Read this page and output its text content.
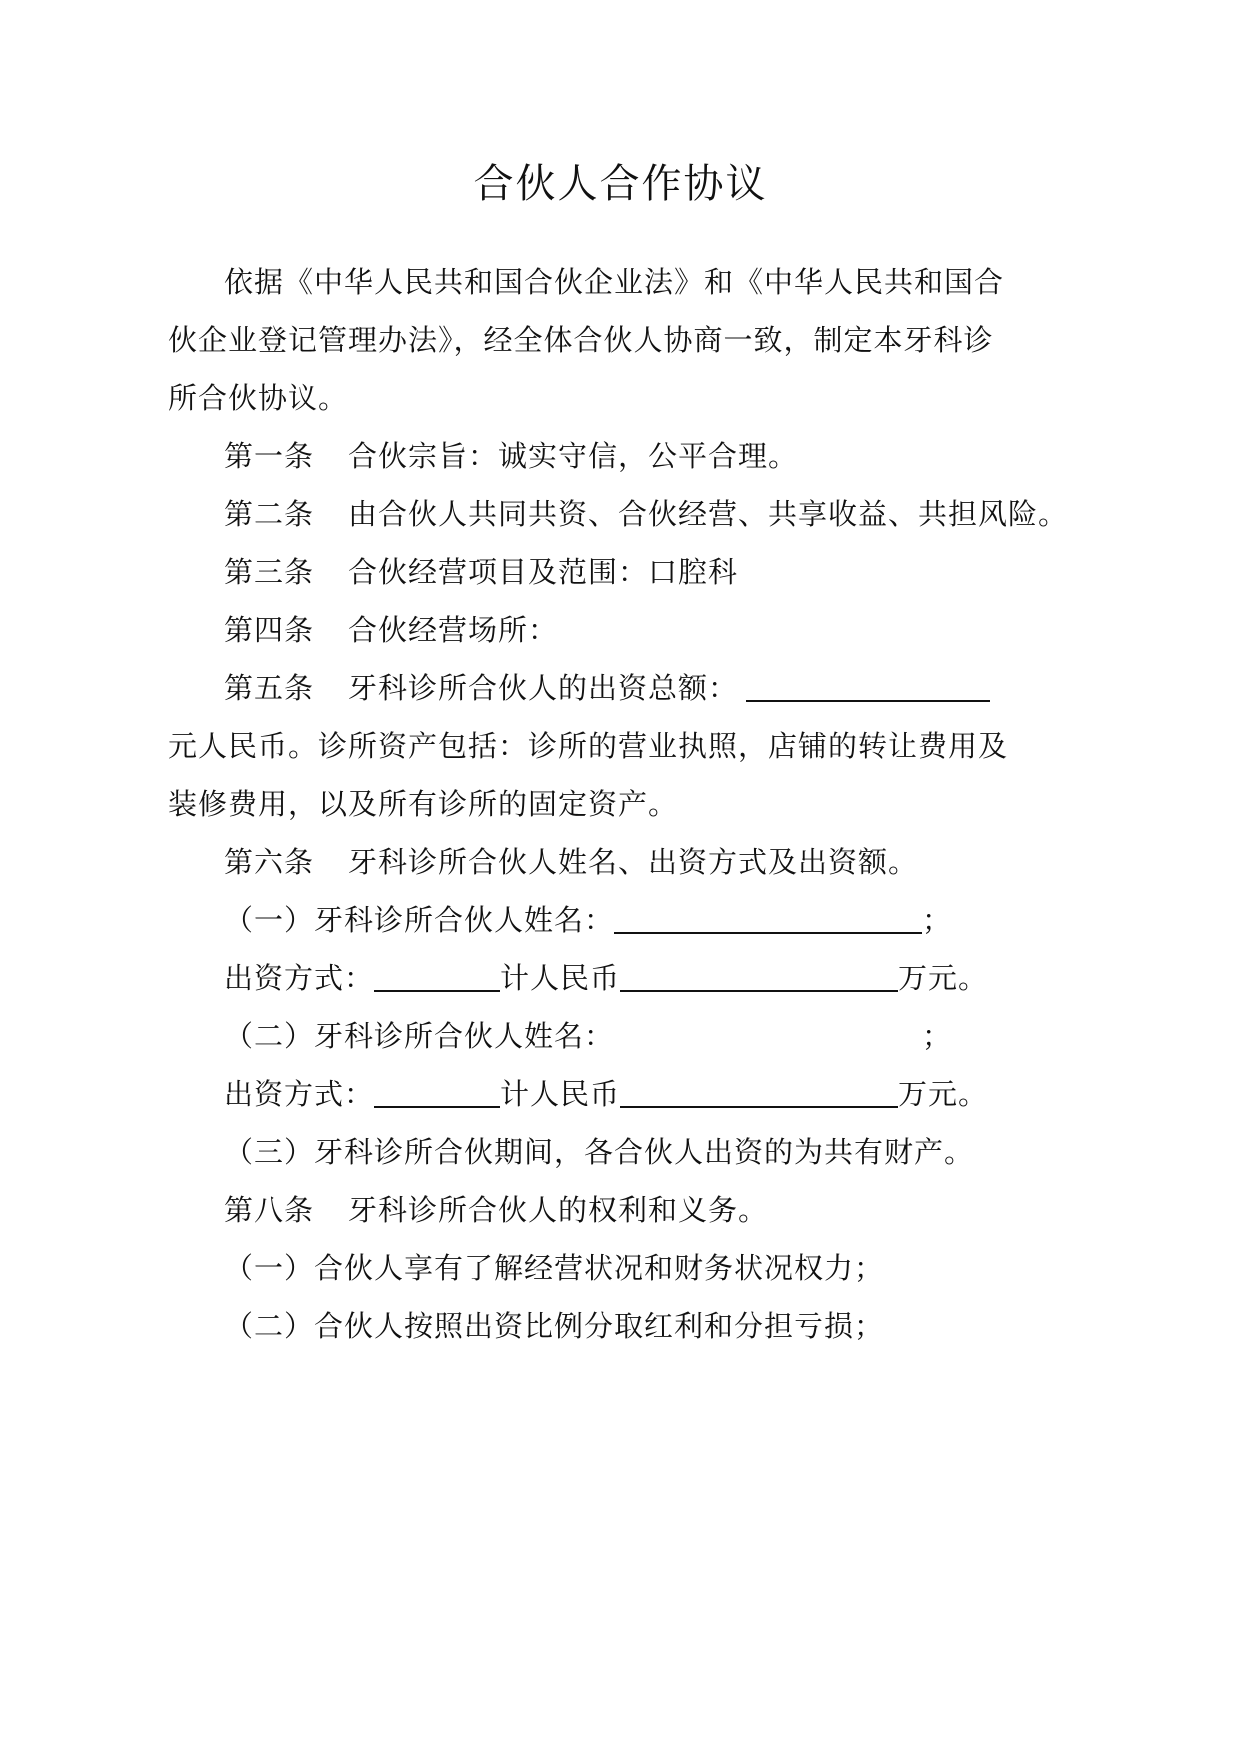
合伙人合作协议
依据《中华人民共和国合伙企业法》和《中华人民共和国合
伙企业登记管理办法》，经全体合伙人协商一致，制定本牙科诊
所合伙协议。
第一条 合伙宗旨：诚实守信，公平合理。
第二条 由合伙人共同共资、合伙经营、共享收益、共担风险。
第三条 合伙经营项目及范围：口腔科
第四条 合伙经营场所：
第五条 牙科诊所合伙人的出资总额：
元人民币。诊所资产包括：诊所的营业执照，店铺的转让费用及
装修费用，以及所有诊所的固定资产。
第六条 牙科诊所合伙人姓名、出资方式及出资额。
（一）牙科诊所合伙人姓名：	；
出资方式：	计人民币	万元。
（二）牙科诊所合伙人姓名：	；
出资方式：	计人民币	万元。
（三）牙科诊所合伙期间，各合伙人出资的为共有财产。
第八条 牙科诊所合伙人的权利和义务。
（一）合伙人享有了解经营状况和财务状况权力；
（二）合伙人按照出资比例分取红利和分担亏损；
